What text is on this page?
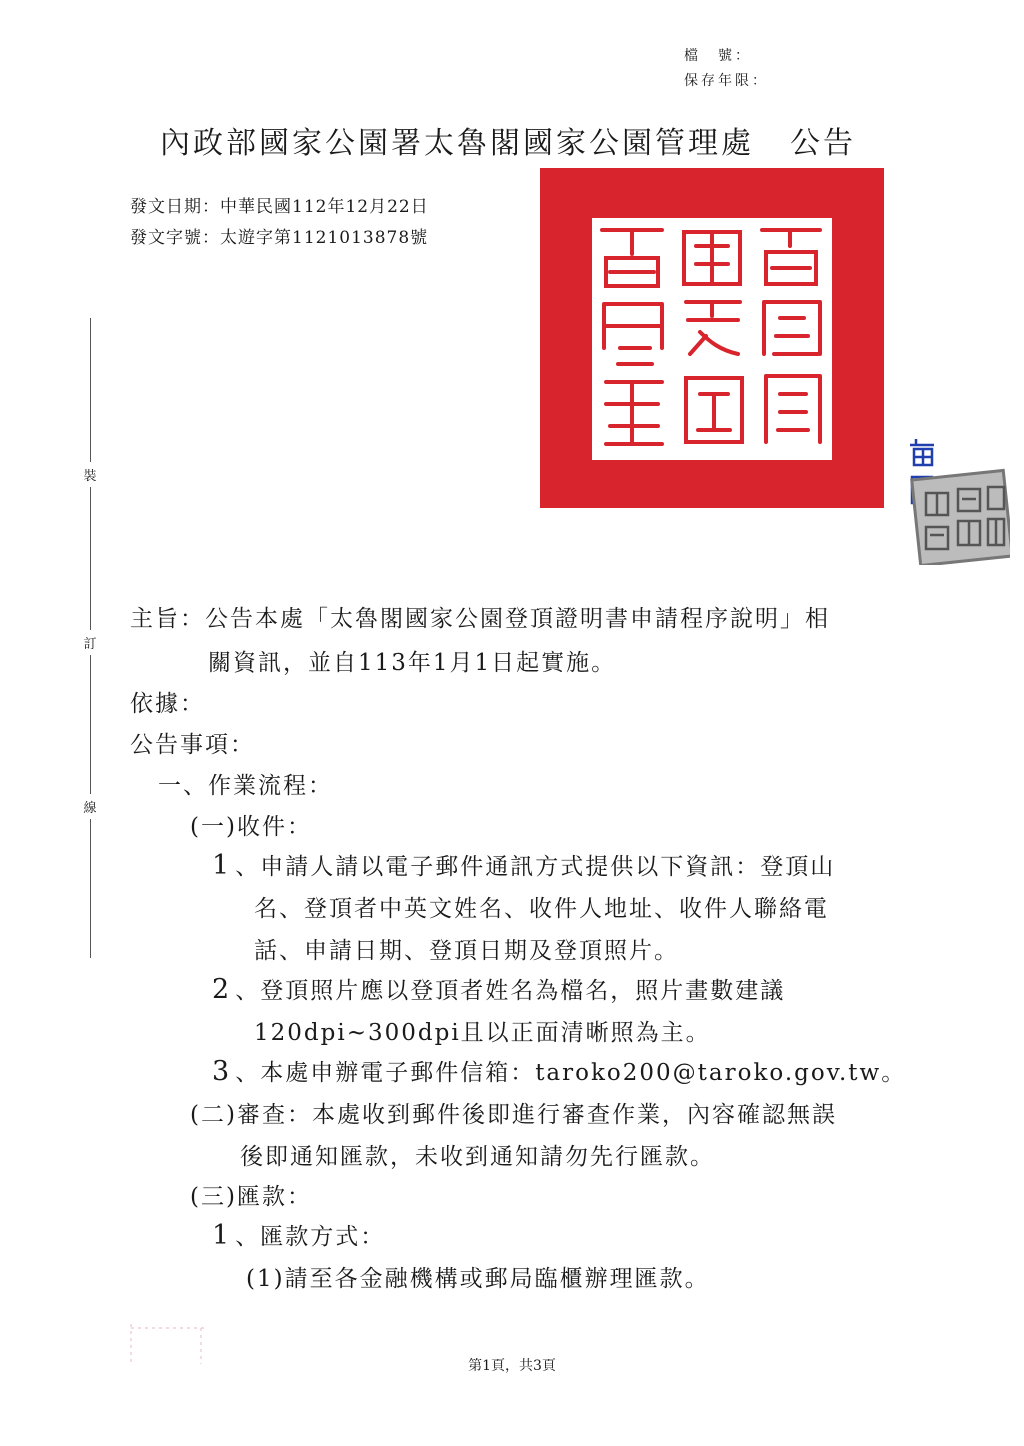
檔　號：
保存年限：
內政部國家公園署太魯閣國家公園管理處 公告
發文日期：中華民國112年12月22日
發文字號：太遊字第1121013878號
裝
訂
線
主旨：公告本處「太魯閣國家公園登頂證明書申請程序說明」相
關資訊，並自113年1月1日起實施。
依據：
公告事項：
一、作業流程：
(一)收件：
1 、申請人請以電子郵件通訊方式提供以下資訊：登頂山
名、登頂者中英文姓名、收件人地址、收件人聯絡電
話、申請日期、登頂日期及登頂照片。
2 、登頂照片應以登頂者姓名為檔名，照片畫數建議
120dpi~300dpi且以正面清晰照為主。
3 、本處申辦電子郵件信箱：taroko200@taroko.gov.tw。
(二)審查：本處收到郵件後即進行審查作業，內容確認無誤
後即通知匯款，未收到通知請勿先行匯款。
(三)匯款：
1 、匯款方式：
(1)請至各金融機構或郵局臨櫃辦理匯款。
第1頁，共3頁
